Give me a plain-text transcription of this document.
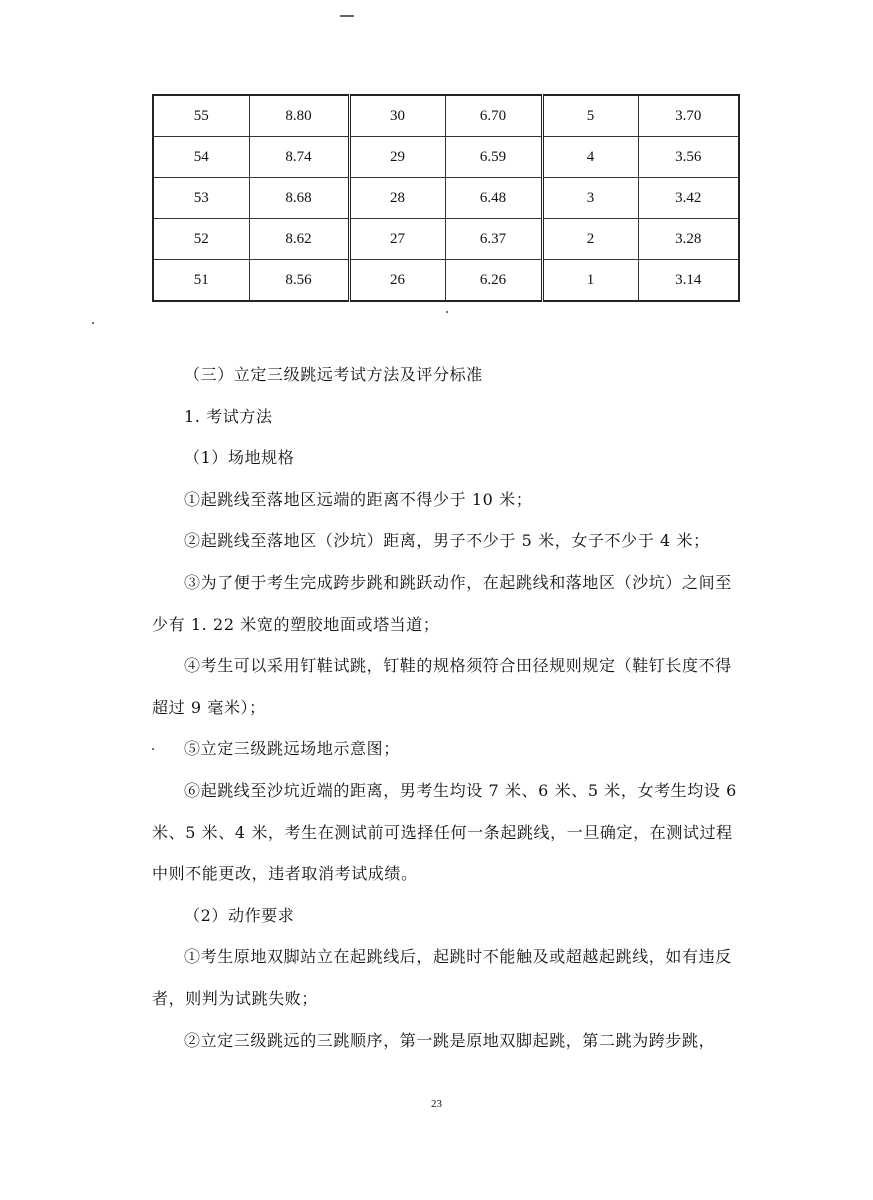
55	8.80	30	6.70	5	3.70
54	8.74	29	6.59	4	3.56
53	8.68	28	6.48	3	3.42
52	8.62	27	6.37	2	3.28
51	8.56	26	6.26	1	3.14

（三）立定三级跳远考试方法及评分标准

1. 考试方法

（1）场地规格

①起跳线至落地区远端的距离不得少于 10 米；

②起跳线至落地区（沙坑）距离，男子不少于 5 米，女子不少于 4 米；

③为了便于考生完成跨步跳和跳跃动作，在起跳线和落地区（沙坑）之间至少有 1. 22 米宽的塑胶地面或塔当道；

④考生可以采用钉鞋试跳，钉鞋的规格须符合田径规则规定（鞋钉长度不得超过 9 毫米）；

⑤立定三级跳远场地示意图；

⑥起跳线至沙坑近端的距离，男考生均设 7 米、6 米、5 米，女考生均设 6 米、5 米、4 米，考生在测试前可选择任何一条起跳线，一旦确定，在测试过程中则不能更改，违者取消考试成绩。

（2）动作要求

①考生原地双脚站立在起跳线后，起跳时不能触及或超越起跳线，如有违反者，则判为试跳失败；

②立定三级跳远的三跳顺序，第一跳是原地双脚起跳，第二跳为跨步跳，

23
